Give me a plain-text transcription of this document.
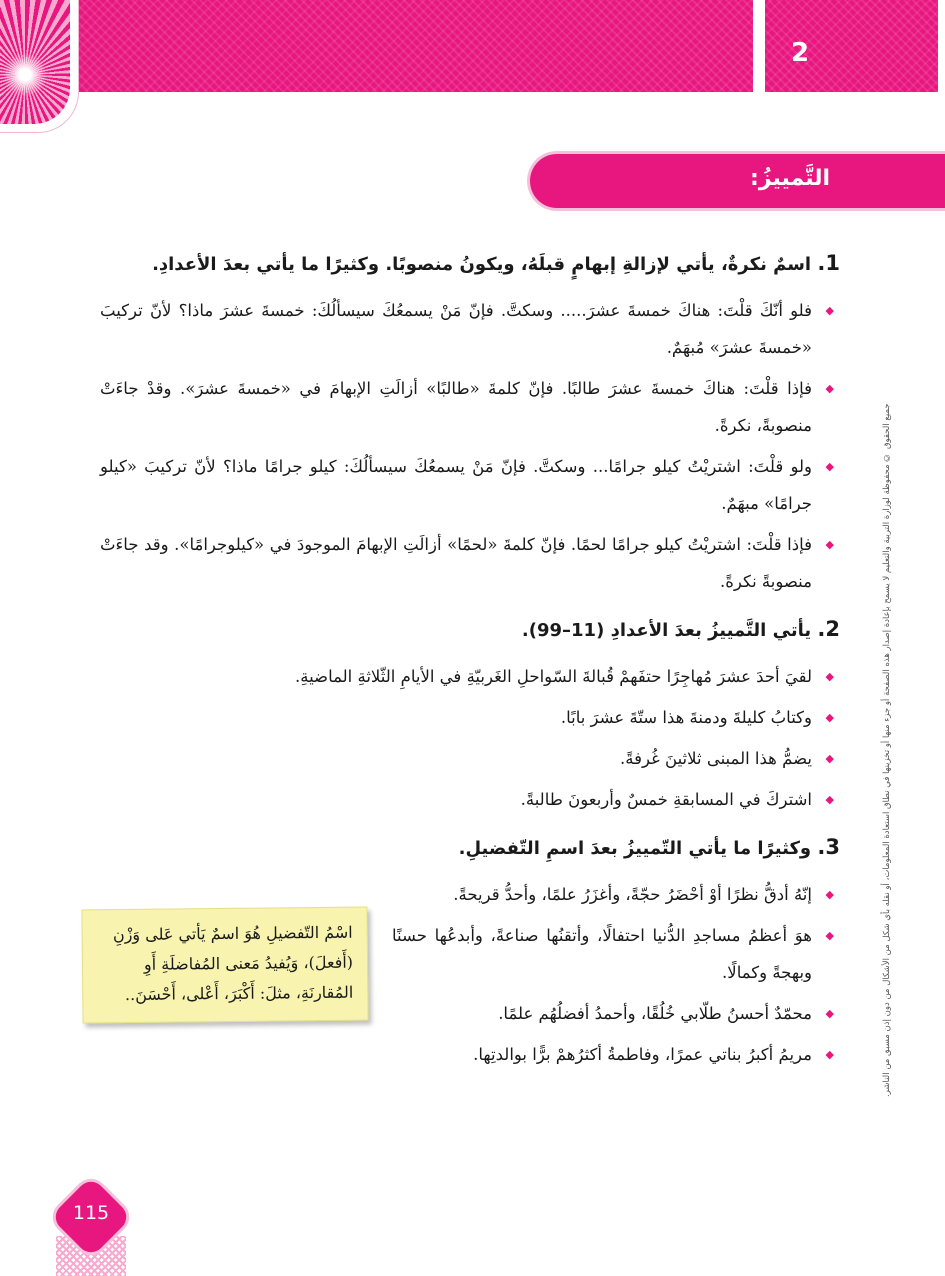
2
التَّمييزُ:
جميع الحقوق © محفوظة لوزارة التربية والتعليم لا يسمح بإعادة إصدار هذه الصفحة أو جزء منها أو تخزينها في نطاق استعادة المعلومات، أو نقله بأي شكل من الأشكال من دون إذن مسبق من الناشر.

1. اسمٌ نكرةٌ، يأتي لإزالةِ إبهامٍ قبلَهُ، ويكونُ منصوبًا. وكثيرًا ما يأتي بعدَ الأعدادِ.

◆ فلو أنّكَ قلْتَ: هناكَ خمسةَ عشرَ..... وسكتَّ. فإنّ مَنْ يسمعُكَ سيسألُكَ: خمسةَ عشرَ ماذا؟ لأنّ تركيبَ «خمسةَ عشرَ» مُبهَمٌ.
◆ فإذا قلْتَ: هناكَ خمسةَ عشرَ طالبًا. فإنّ كلمةَ «طالبًا» أزالَتِ الإبهامَ في «خمسةَ عشرَ». وقدْ جاءَتْ منصوبةً، نكرةً.
◆ ولو قلْتَ: اشتريْتُ كيلو جرامًا... وسكتَّ. فإنّ مَنْ يسمعُكَ سيسألُكَ: كيلو جرامًا ماذا؟ لأنّ تركيبَ «كيلو جرامًا» مبهَمٌ.
◆ فإذا قلْتَ: اشتريْتُ كيلو جرامًا لحمًا. فإنّ كلمةَ «لحمًا» أزالَتِ الإبهامَ الموجودَ في «كيلوجرامًا». وقد جاءَتْ منصوبةً نكرةً.

2. يأتي التَّمييزُ بعدَ الأعدادِ (11–99).

◆ لقيَ أحدَ عشرَ مُهاجِرًا حتفَهمْ قُبالةَ السّواحلِ الغَربيّةِ في الأيامِ الثّلاثةِ الماضيةِ.
◆ وكتابُ كليلةَ ودمنةَ هذا ستّةَ عشرَ بابًا.
◆ يضمُّ هذا المبنى ثلاثينَ غُرفةً.
◆ اشتركَ في المسابقةِ خمسٌ وأربعونَ طالبةً.

3. وكثيرًا ما يأتي التّمييزُ بعدَ اسمِ التّفضيلِ.

◆ إنّهُ أدقُّ نظرًا أوْ أحْضَرُ حجّةً، وأغزَرُ علمًا، وأحدُّ قريحةً.
◆ هوَ أعظمُ مساجدِ الدُّنيا احتفالًا، وأتقنُها صناعةً، وأبدعُها حسنًا وبهجةً وكمالًا.
◆ محمّدٌ أحسنُ طلّابي خُلُقًا، وأحمدُ أفضلُهُم علمًا.
◆ مريمُ أكبرُ بناتي عمرًا، وفاطمةُ أكثرُهمْ برًّا بوالدتِها.
اسْمُ التّفضيلِ هُوَ اسمٌ يَأتي عَلى وَزْنِ (أَفعلَ)، وَيُفيدُ مَعنى المُفاضلَةِ أَوِ المُقارنَةِ، مثلَ: أَكْبَرَ، أَعْلى، أَحْسَنَ..
115
